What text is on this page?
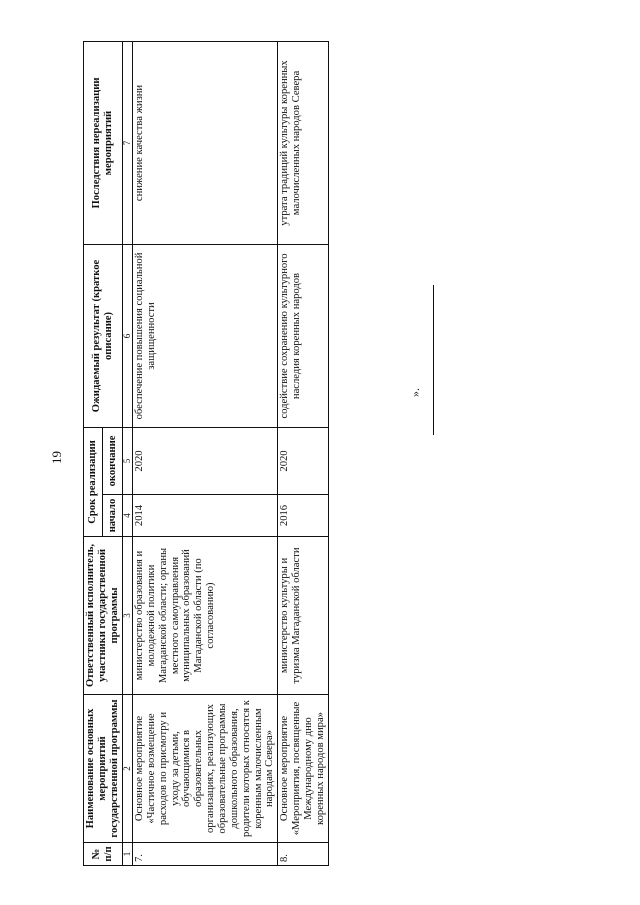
19
№ п/п	Наименование основных мероприятий государственной программы	Ответственный исполнитель, участники государственной программы	Срок реализации		Ожидаемый результат (краткое описание)	Последствия нереализации мероприятий
			начало	окончание		
1	2	3	4	5	6	7
7.	Основное мероприятие «Частичное возмещение расходов по присмотру и уходу за детьми, обучающимися в образовательных организациях, реализующих образовательные программы дошкольного образования, родители которых относятся к коренным малочисленным народам Севера»	министерство образования и молодежной политики Магаданской области; органы местного самоуправления муниципальных образований Магаданской области (по согласованию)	2014	2020	обеспечение повышения социальной защищенности	снижение качества жизни
8.	Основное мероприятие «Мероприятия, посвященные Международному дню коренных народов мира»	министерство культуры и туризма Магаданской области	2016	2020	содействие сохранению культурного наследия коренных народов	утрата традиций культуры коренных малочисленных народов Севера
».
